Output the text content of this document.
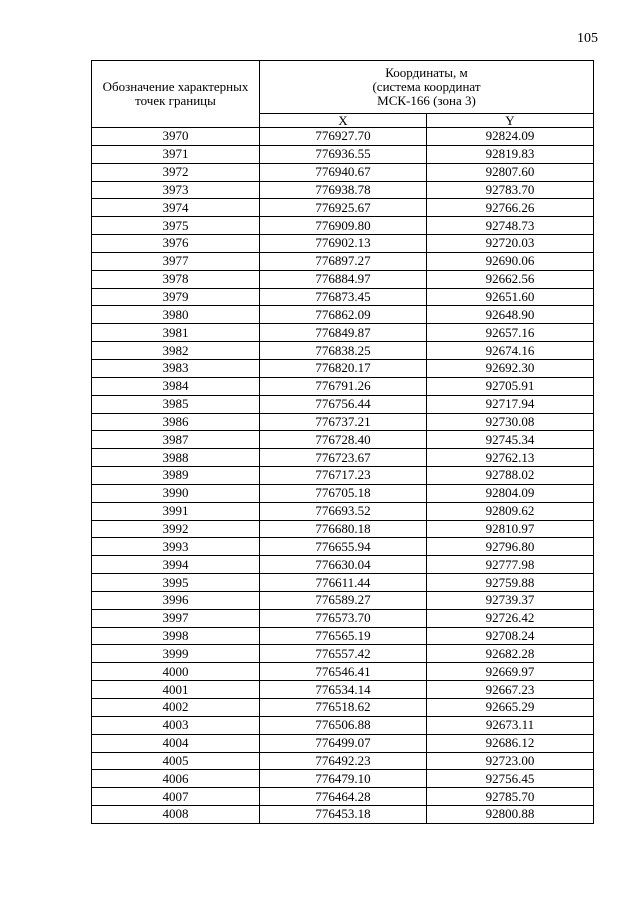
105
Обозначение характерных точек границы	Координаты, м
(система координат
МСК-166 (зона 3)	
	X	Y
3970	776927.70	92824.09
3971	776936.55	92819.83
3972	776940.67	92807.60
3973	776938.78	92783.70
3974	776925.67	92766.26
3975	776909.80	92748.73
3976	776902.13	92720.03
3977	776897.27	92690.06
3978	776884.97	92662.56
3979	776873.45	92651.60
3980	776862.09	92648.90
3981	776849.87	92657.16
3982	776838.25	92674.16
3983	776820.17	92692.30
3984	776791.26	92705.91
3985	776756.44	92717.94
3986	776737.21	92730.08
3987	776728.40	92745.34
3988	776723.67	92762.13
3989	776717.23	92788.02
3990	776705.18	92804.09
3991	776693.52	92809.62
3992	776680.18	92810.97
3993	776655.94	92796.80
3994	776630.04	92777.98
3995	776611.44	92759.88
3996	776589.27	92739.37
3997	776573.70	92726.42
3998	776565.19	92708.24
3999	776557.42	92682.28
4000	776546.41	92669.97
4001	776534.14	92667.23
4002	776518.62	92665.29
4003	776506.88	92673.11
4004	776499.07	92686.12
4005	776492.23	92723.00
4006	776479.10	92756.45
4007	776464.28	92785.70
4008	776453.18	92800.88
